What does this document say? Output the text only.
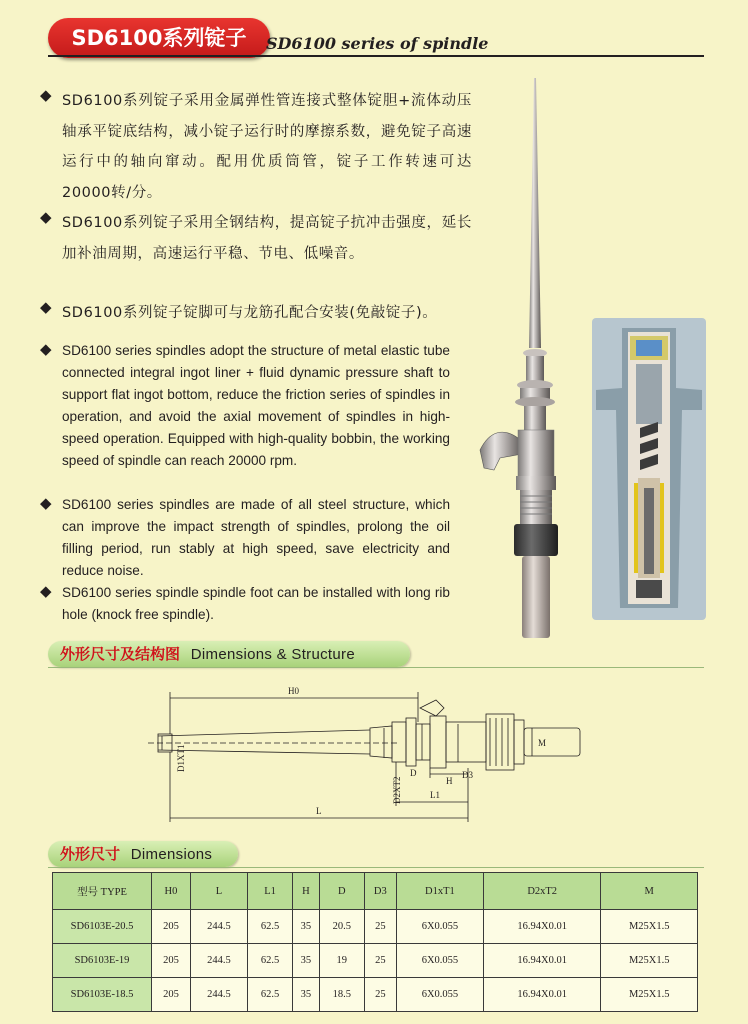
SD6100系列锭子	SD6100 series of spindle
◆ SD6100系列锭子采用金属弹性管连接式整体锭胆+流体动压轴承平锭底结构，减小锭子运行时的摩擦系数，避免锭子高速运行中的轴向窜动。配用优质筒管，锭子工作转速可达20000转/分。
◆ SD6100系列锭子采用全钢结构，提高锭子抗冲击强度，延长加补油周期，高速运行平稳、节电、低噪音。
◆ SD6100系列锭子锭脚可与龙筋孔配合安装(免敲锭子)。
◆ SD6100 series spindles adopt the structure of metal elastic tube connected integral ingot liner + fluid dynamic pressure shaft to support flat ingot bottom, reduce the friction series of spindles in operation, and avoid the axial movement of spindles in high-speed operation. Equipped with high-quality bobbin, the working speed of spindle can reach 20000 rpm.
◆ SD6100 series spindles are made of all steel structure, which can improve the impact strength of spindles, prolong the oil filling period, run stably at high speed, save electricity and reduce noise.
◆ SD6100 series spindle spindle foot can be installed with long rib hole (knock free spindle).
外形尺寸及结构图 Dimensions & Structure
H0
L
L1
H
D	D3
M
D1XT1
D2XT2
外形尺寸 Dimensions
型号 TYPE	H0	L	L1	H	D	D3	D1xT1	D2xT2	M
SD6103E-20.5	205	244.5	62.5	35	20.5	25	6X0.055	16.94X0.01	M25X1.5
SD6103E-19	205	244.5	62.5	35	19	25	6X0.055	16.94X0.01	M25X1.5
SD6103E-18.5	205	244.5	62.5	35	18.5	25	6X0.055	16.94X0.01	M25X1.5
